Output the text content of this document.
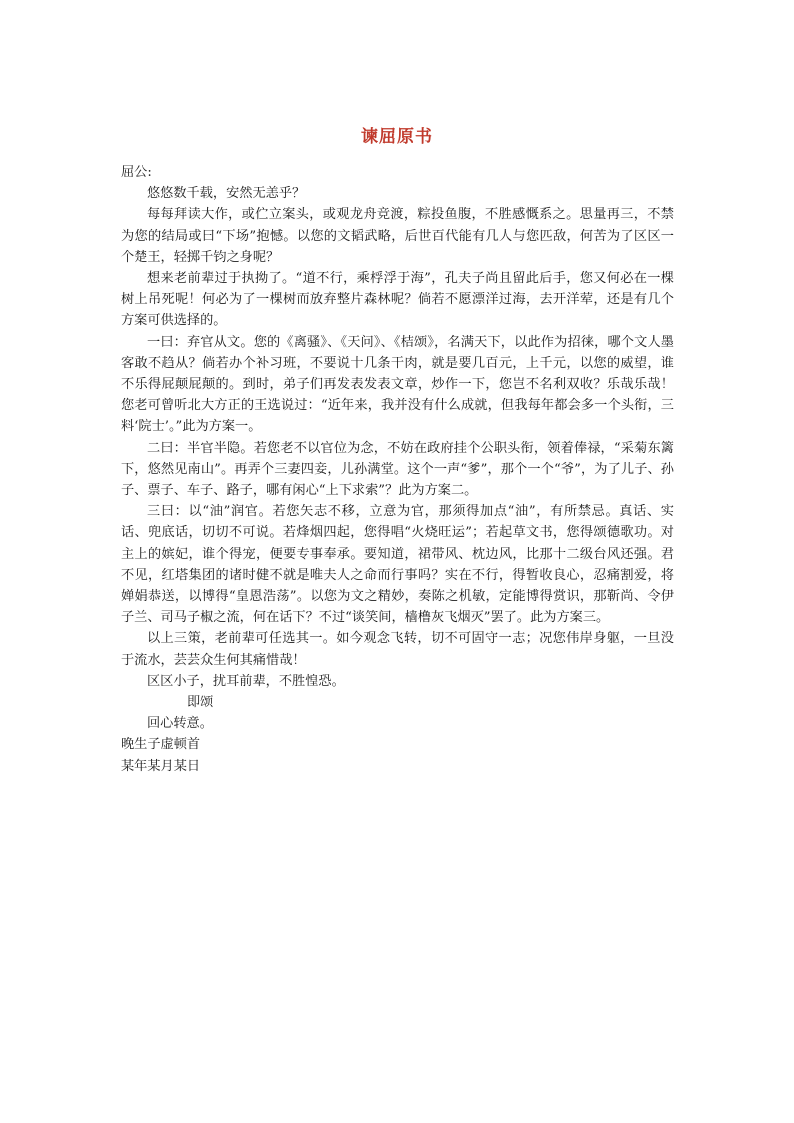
谏屈原书

屈公:

悠悠数千载，安然无恙乎？

每每拜读大作，或伫立案头，或观龙舟竞渡，粽投鱼腹，不胜感慨系之。思量再三，不禁为您的结局或曰“下场”抱憾。以您的文韬武略，后世百代能有几人与您匹敌，何苦为了区区一个楚王，轻掷千钧之身呢？

想来老前辈过于执拗了。“道不行，乘桴浮于海”，孔夫子尚且留此后手，您又何必在一棵树上吊死呢！何必为了一棵树而放弃整片森林呢？倘若不愿漂洋过海，去开洋荤，还是有几个方案可供选择的。

一曰：弃官从文。您的《离骚》、《天问》、《桔颂》，名满天下，以此作为招徕，哪个文人墨客敢不趋从？倘若办个补习班，不要说十几条干肉，就是要几百元，上千元，以您的威望，谁不乐得屁颠屁颠的。到时，弟子们再发表发表文章，炒作一下，您岂不名利双收？乐哉乐哉！您老可曾听北大方正的王选说过：“近年来，我并没有什么成就，但我每年都会多一个头衔，三料‘院士’。”此为方案一。

二曰：半官半隐。若您老不以官位为念，不妨在政府挂个公职头衔，领着俸禄，“采菊东篱下，悠然见南山”。再弄个三妻四妾，儿孙满堂。这个一声“爹”，那个一个“爷”，为了儿子、孙子、票子、车子、路子，哪有闲心“上下求索”？此为方案二。

三曰：以“油”润官。若您矢志不移，立意为官，那须得加点“油”，有所禁忌。真话、实话、兜底话，切切不可说。若烽烟四起，您得唱“火烧旺运”；若起草文书，您得颂德歌功。对主上的嫔妃，谁个得宠，便要专事奉承。要知道，裙带风、枕边风，比那十二级台风还强。君不见，红塔集团的诸时健不就是唯夫人之命而行事吗？实在不行，得暂收良心，忍痛割爱，将婵娟恭送，以博得“皇恩浩荡”。以您为文之精妙，奏陈之机敏，定能博得赏识，那靳尚、令伊子兰、司马子椒之流，何在话下？不过“谈笑间，樯橹灰飞烟灭”罢了。此为方案三。

以上三策，老前辈可任选其一。如今观念飞转，切不可固守一志；况您伟岸身躯，一旦没于流水，芸芸众生何其痛惜哉！

区区小子，扰耳前辈，不胜惶恐。

即颂

回心转意。

晚生子虚顿首

某年某月某日
